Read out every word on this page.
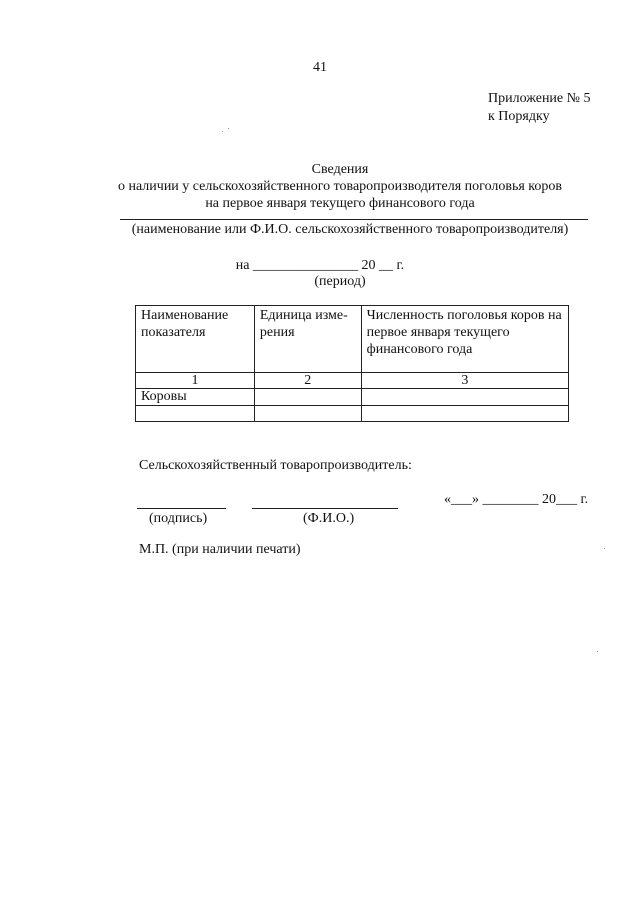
41
Приложение № 5
к Порядку
Сведения
о наличии у сельскохозяйственного товаропроизводителя поголовья коров
на первое января текущего финансового года
(наименование или Ф.И.О. сельскохозяйственного товаропроизводителя)
на _______________ 20 __ г.
(период)
Наименование показателя	Единица изме-рения	Численность поголовья коров на первое января текущего финансового года
1	2	3
Коровы		

Сельскохозяйственный товаропроизводитель:
(подпись)	(Ф.И.О.)
«___» ________ 20___ г.
М.П. (при наличии печати)
